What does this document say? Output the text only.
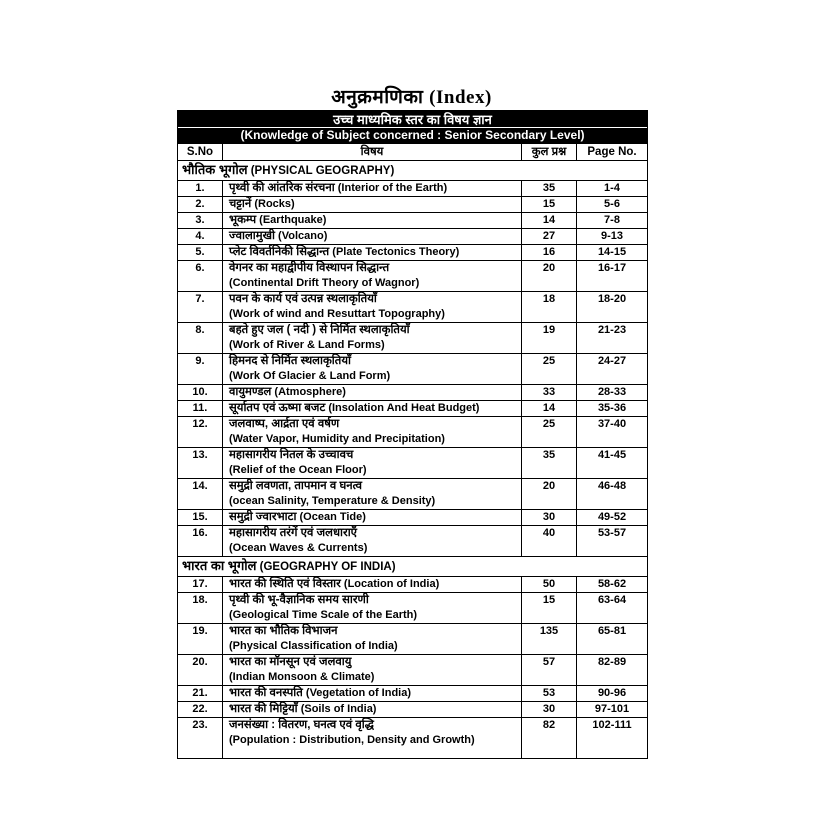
अनुक्रमणिका (Index)
उच्च माध्यमिक स्तर का विषय ज्ञान
(Knowledge of Subject concerned : Senior Secondary Level)			

S.No	विषय	कुल प्रश्न	Page No.
भौतिक भूगोल (PHYSICAL GEOGRAPHY)			
1.	पृथ्वी की आंतरिक संरचना (Interior of the Earth)	35	1-4
2.	चट्टानें (Rocks)	15	5-6
3.	भूकम्प (Earthquake)	14	7-8
4.	ज्वालामुखी (Volcano)	27	9-13
5.	प्लेट विवर्तनिकी सिद्धान्त (Plate Tectonics Theory)	16	14-15
6.	वेगनर का महाद्वीपीय विस्थापन सिद्धान्त
(Continental Drift Theory of Wagnor)	20	16-17
7.	पवन के कार्य एवं उत्पन्न स्थलाकृतियाँ
(Work of wind and Resuttart Topography)	18	18-20
8.	बहते हुए जल ( नदी ) से निर्मित स्थलाकृतियाँ
(Work of River & Land Forms)	19	21-23
9.	हिमनद से निर्मित स्थलाकृतियाँ
(Work Of Glacier & Land Form)	25	24-27
10.	वायुमण्डल (Atmosphere)	33	28-33
11.	सूर्यातप एवं ऊष्मा बजट (Insolation And Heat Budget)	14	35-36
12.	जलवाष्प, आर्द्रता एवं वर्षण
(Water Vapor, Humidity and Precipitation)	25	37-40
13.	महासागरीय नितल के उच्चावच
(Relief of the Ocean Floor)	35	41-45
14.	समुद्री लवणता, तापमान व घनत्व
(ocean Salinity, Temperature & Density)	20	46-48
15.	समुद्री ज्वारभाटा (Ocean Tide)	30	49-52
16.	महासागरीय तरंगें एवं जलधाराएँ
(Ocean Waves & Currents)	40	53-57
भारत का भूगोल (GEOGRAPHY OF INDIA)			
17.	भारत की स्थिति एवं विस्तार (Location of India)	50	58-62
18.	पृथ्वी की भू-वैज्ञानिक समय सारणी
(Geological Time Scale of the Earth)	15	63-64
19.	भारत का भौतिक विभाजन
(Physical Classification of India)	135	65-81
20.	भारत का मॉनसून एवं जलवायु
(Indian Monsoon & Climate)	57	82-89
21.	भारत की वनस्पति (Vegetation of India)	53	90-96
22.	भारत की मिट्टियाँ (Soils of India)	30	97-101
23.	जनसंख्या : वितरण, घनत्व एवं वृद्धि
(Population : Distribution, Density and Growth)	82	102-111
